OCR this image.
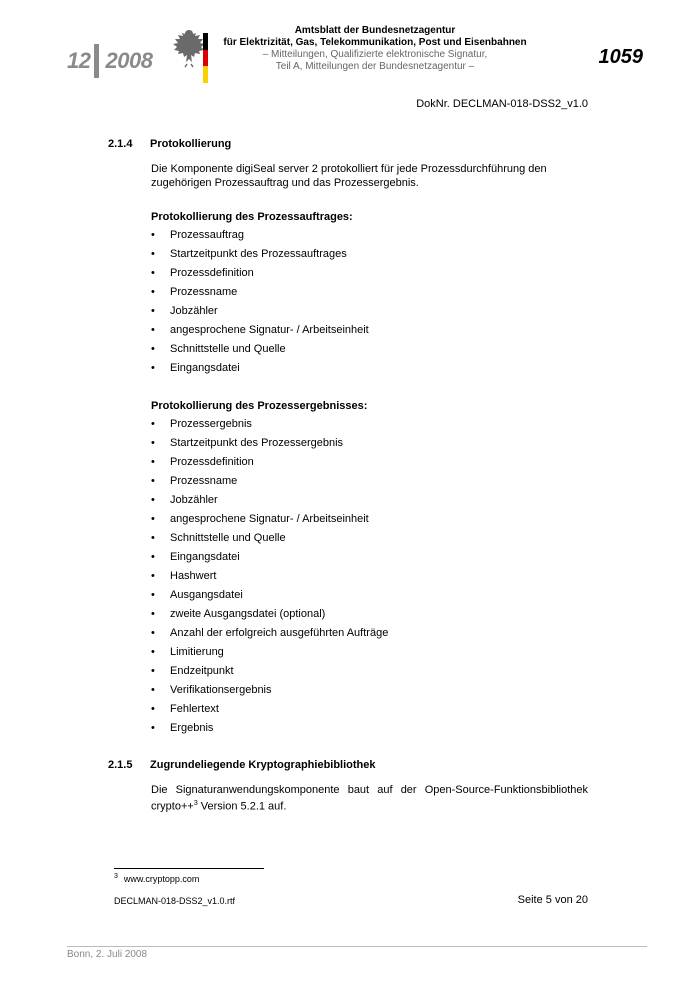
12 2008
Amtsblatt der Bundesnetzagentur
für Elektrizität, Gas, Telekommunikation, Post und Eisenbahnen
– Mitteilungen, Qualifizierte elektronische Signatur,
Teil A, Mitteilungen der Bundesnetzagentur –	1059
DokNr. DECLMAN-018-DSS2_v1.0
2.1.4 Protokollierung
Die Komponente digiSeal server 2 protokolliert für jede Prozessdurchführung den zugehörigen Prozessauftrag und das Prozessergebnis.
Protokollierung des Prozessauftrages:
• Prozessauftrag
• Startzeitpunkt des Prozessauftrages
• Prozessdefinition
• Prozessname
• Jobzähler
• angesprochene Signatur- / Arbeitseinheit
• Schnittstelle und Quelle
• Eingangsdatei
Protokollierung des Prozessergebnisses:
• Prozessergebnis
• Startzeitpunkt des Prozessergebnis
• Prozessdefinition
• Prozessname
• Jobzähler
• angesprochene Signatur- / Arbeitseinheit
• Schnittstelle und Quelle
• Eingangsdatei
• Hashwert
• Ausgangsdatei
• zweite Ausgangsdatei (optional)
• Anzahl der erfolgreich ausgeführten Aufträge
• Limitierung
• Endzeitpunkt
• Verifikationsergebnis
• Fehlertext
• Ergebnis
2.1.5 Zugrundeliegende Kryptographiebibliothek
Die Signaturanwendungskomponente baut auf der Open-Source-Funktionsbibliothek
crypto++$^3$ Version 5.2.1 auf.
$^3$ www.cryptopp.com
DECLMAN-018-DSS2_v1.0.rtf	Seite 5 von 20
Bonn, 2. Juli 2008
